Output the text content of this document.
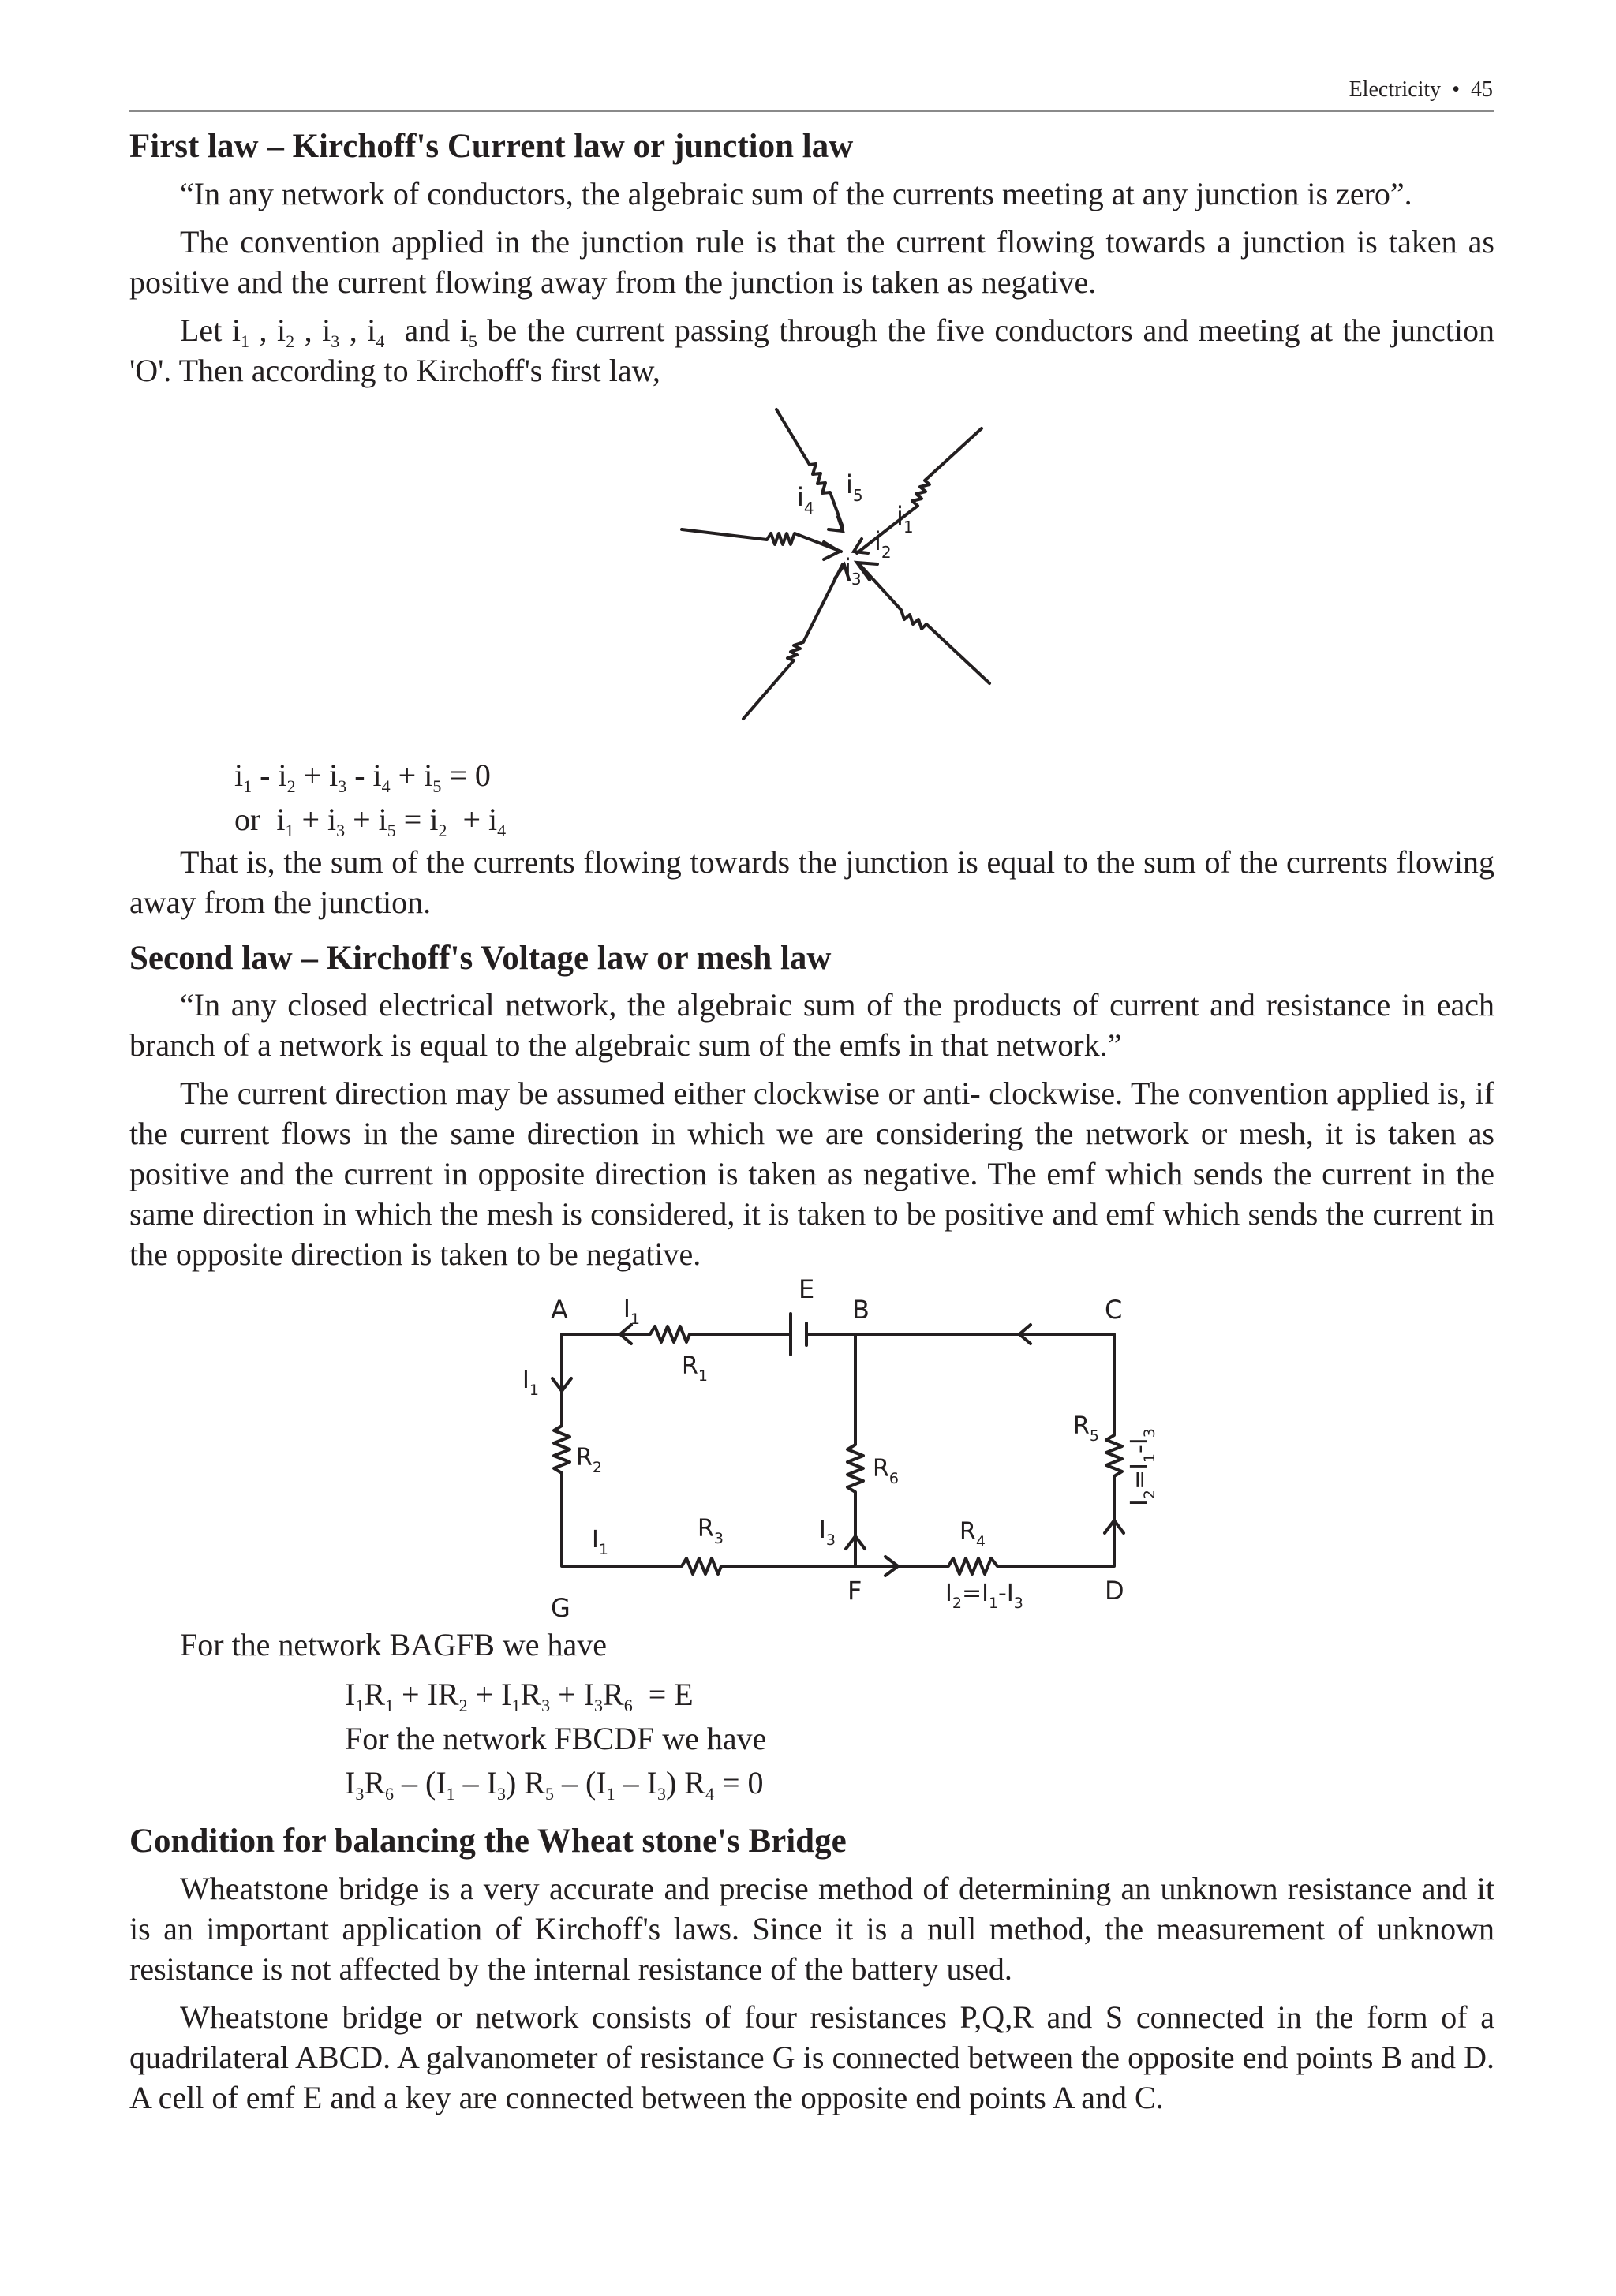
Electricity • 45
First law – Kirchoff's Current law or junction law

“In any network of conductors, the algebraic sum of the currents meeting at any junction is zero”.

The convention applied in the junction rule is that the current flowing towards a junction is taken as positive and the current flowing away from the junction is taken as negative.

Let $i_1$ , $i_2$ , $i_3$ , $i_4$ and $i_5$ be the current passing through the five conductors and meeting at the junction 'O'. Then according to Kirchoff's first law,

$i_4$
$i_5$
$i_1$
$i_2$
$i_3$
$i_1 - i_2 + i_3 - i_4 + i_5 = 0$
or  $i_1 + i_3 + i_5 = i_2 + i_4$

That is, the sum of the currents flowing towards the junction is equal to the sum of the currents flowing away from the junction.

Second law – Kirchoff's Voltage law or mesh law

“In any closed electrical network, the algebraic sum of the products of current and resistance in each branch of a network is equal to the algebraic sum of the emfs in that network.”

The current direction may be assumed either clockwise or anti- clockwise. The convention applied is, if the current flows in the same direction in which we are considering the network or mesh, it is taken as positive and the current in opposite direction is taken as negative. The emf which sends the current in the same direction in which the mesh is considered, it is taken to be positive and emf which sends the current in the opposite direction is taken to be negative.

A	B	C
D
F
G
E
$I_1$
$R_1$
$I_1$
$R_2$	$R_6$
$R_5$
$I_1$
$R_3$	$I_3$	$R_4$
$I_2=I_1-I_3$
$I_2=I_1-I_3$

For the network BAGFB we have

$I_1R_1 + IR_2 + I_1R_3 + I_3R_6 = E$
For the network FBCDF we have
$I_3R_6 - (I_1 - I_3)$ $R_5 - (I_1 - I_3) R_4 = 0$
Condition for balancing the Wheat stone's Bridge

Wheatstone bridge is a very accurate and precise method of determining an unknown resistance and it is an important application of Kirchoff's laws. Since it is a null method, the measurement of unknown resistance is not affected by the internal resistance of the battery used.

Wheatstone bridge or network consists of four resistances P,Q,R and S connected in the form of a quadrilateral ABCD. A galvanometer of resistance G is connected between the opposite end points B and D. A cell of emf E and a key are connected between the opposite end points A and C.
